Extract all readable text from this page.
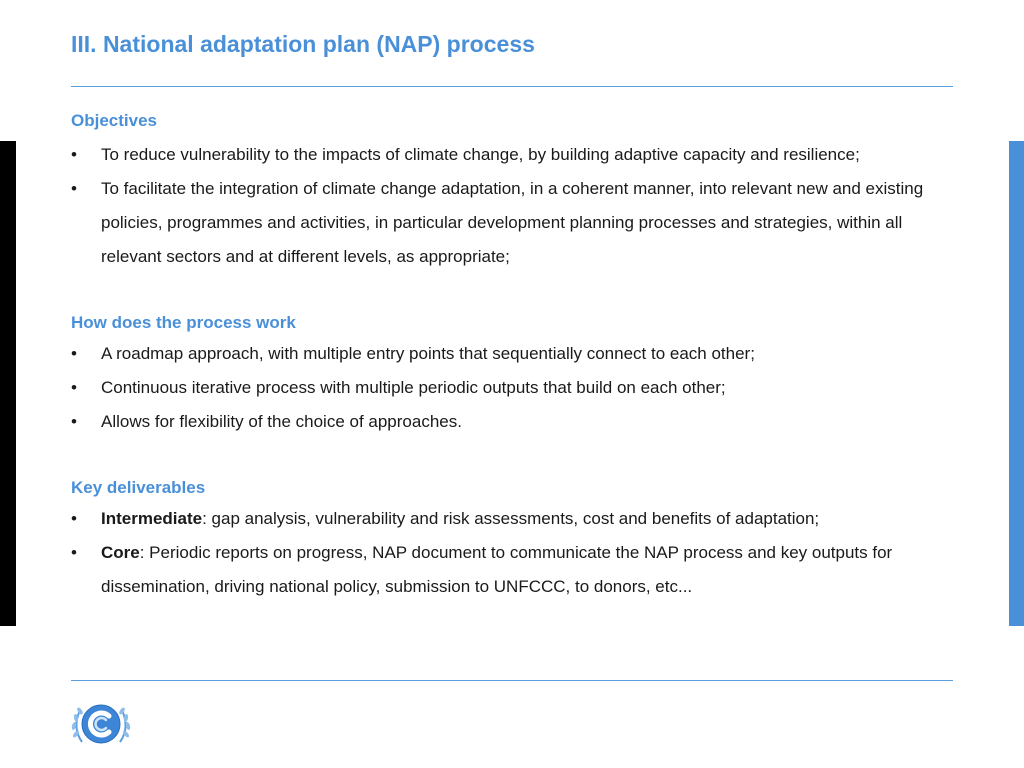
III. National adaptation plan (NAP) process
Objectives
• To reduce vulnerability to the impacts of climate change, by building adaptive capacity and resilience;
• To facilitate the integration of climate change adaptation, in a coherent manner, into relevant new and existing policies, programmes and activities, in particular development planning processes and strategies, within all relevant sectors and at different levels, as appropriate;
How does the process work
• A roadmap approach, with multiple entry points that sequentially connect to each other;
• Continuous iterative process with multiple periodic outputs that build on each other;
• Allows for flexibility of the choice of approaches.
Key deliverables
• Intermediate: gap analysis, vulnerability and risk assessments, cost and benefits of adaptation;
• Core: Periodic reports on progress, NAP document to communicate the NAP process and key outputs for dissemination, driving national policy, submission to UNFCCC, to donors, etc...
